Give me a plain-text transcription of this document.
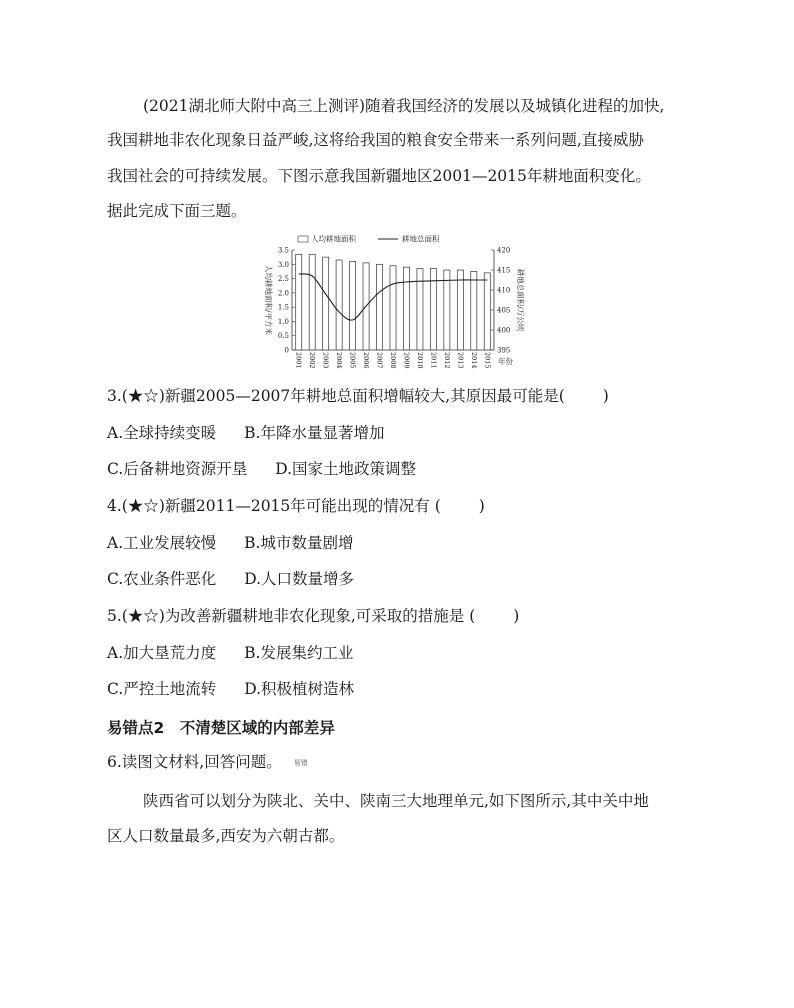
(2021湖北师大附中高三上测评)随着我国经济的发展以及城镇化进程的加快,
我国耕地非农化现象日益严峻,这将给我国的粮食安全带来一系列问题,直接威胁
我国社会的可持续发展。下图示意我国新疆地区2001—2015年耕地面积变化。
据此完成下面三题。
0
0.5
1.0
1.5
2.0
2.5
3.0
3.5
395
400
405
410
415
420
2001 2002 2003 2004 2005 2006 2007 2008 2009 2010 2011 2012 2013 2014 2015 年份
人均耕地面积/平方米	耕地总面积/万公顷
人均耕地面积	耕地总面积
3.(★☆)新疆2005—2007年耕地总面积增幅较大,其原因最可能是( )
A.全球持续变暖 B.年降水量显著增加
C.后备耕地资源开垦 D.国家土地政策调整
4.(★☆)新疆2011—2015年可能出现的情况有 ( )
A.工业发展较慢 B.城市数量剧增
C.农业条件恶化 D.人口数量增多
5.(★☆)为改善新疆耕地非农化现象,可采取的措施是 ( )
A.加大垦荒力度 B.发展集约工业
C.严控土地流转 D.积极植树造林
易错点2　不清楚区域的内部差异
6.读图文材料,回答问题。 易错
陕西省可以划分为陕北、关中、陕南三大地理单元,如下图所示,其中关中地
区人口数量最多,西安为六朝古都。
